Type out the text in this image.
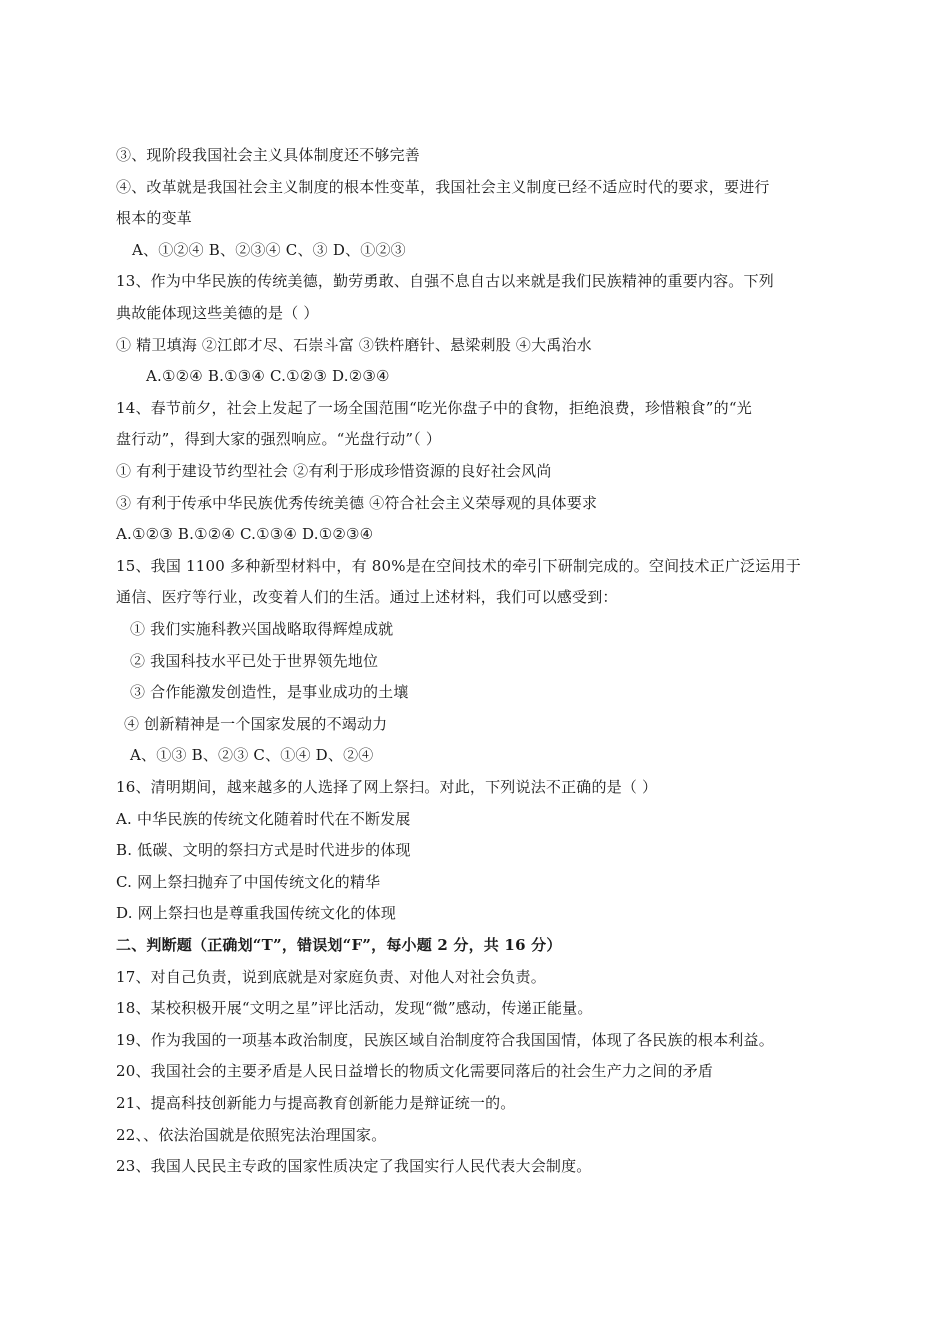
③、现阶段我国社会主义具体制度还不够完善
④、改革就是我国社会主义制度的根本性变革，我国社会主义制度已经不适应时代的要求，要进行
根本的变革
A、①②④ B、②③④ C、③ D、①②③
13、作为中华民族的传统美德，勤劳勇敢、自强不息自古以来就是我们民族精神的重要内容。下列
典故能体现这些美德的是（ ）
① 精卫填海 ②江郎才尽、石崇斗富 ③铁杵磨针、悬梁刺股 ④大禹治水
A.①②④ B.①③④ C.①②③ D.②③④
14、春节前夕，社会上发起了一场全国范围“吃光你盘子中的食物，拒绝浪费，珍惜粮食”的“光
盘行动”，得到大家的强烈响应。“光盘行动”（ ）
① 有利于建设节约型社会 ②有利于形成珍惜资源的良好社会风尚
③ 有利于传承中华民族优秀传统美德 ④符合社会主义荣辱观的具体要求
A.①②③ B.①②④ C.①③④ D.①②③④
15、我国 1100 多种新型材料中，有 80%是在空间技术的牵引下研制完成的。空间技术正广泛运用于
通信、医疗等行业，改变着人们的生活。通过上述材料，我们可以感受到：
① 我们实施科教兴国战略取得辉煌成就
② 我国科技水平已处于世界领先地位
③ 合作能激发创造性，是事业成功的土壤
④ 创新精神是一个国家发展的不竭动力
A、①③ B、②③ C、①④ D、②④
16、清明期间，越来越多的人选择了网上祭扫。对此，下列说法不正确的是（ ）
A. 中华民族的传统文化随着时代在不断发展
B. 低碳、文明的祭扫方式是时代进步的体现
C. 网上祭扫抛弃了中国传统文化的精华
D. 网上祭扫也是尊重我国传统文化的体现
二、判断题（正确划“T”，错误划“F”，每小题 2 分，共 16 分）
17、对自己负责，说到底就是对家庭负责、对他人对社会负责。
18、某校积极开展“文明之星”评比活动，发现“微”感动，传递正能量。
19、作为我国的一项基本政治制度，民族区域自治制度符合我国国情，体现了各民族的根本利益。
20、我国社会的主要矛盾是人民日益增长的物质文化需要同落后的社会生产力之间的矛盾
21、提高科技创新能力与提高教育创新能力是辩证统一的。
22、、依法治国就是依照宪法治理国家。
23、我国人民民主专政的国家性质决定了我国实行人民代表大会制度。
